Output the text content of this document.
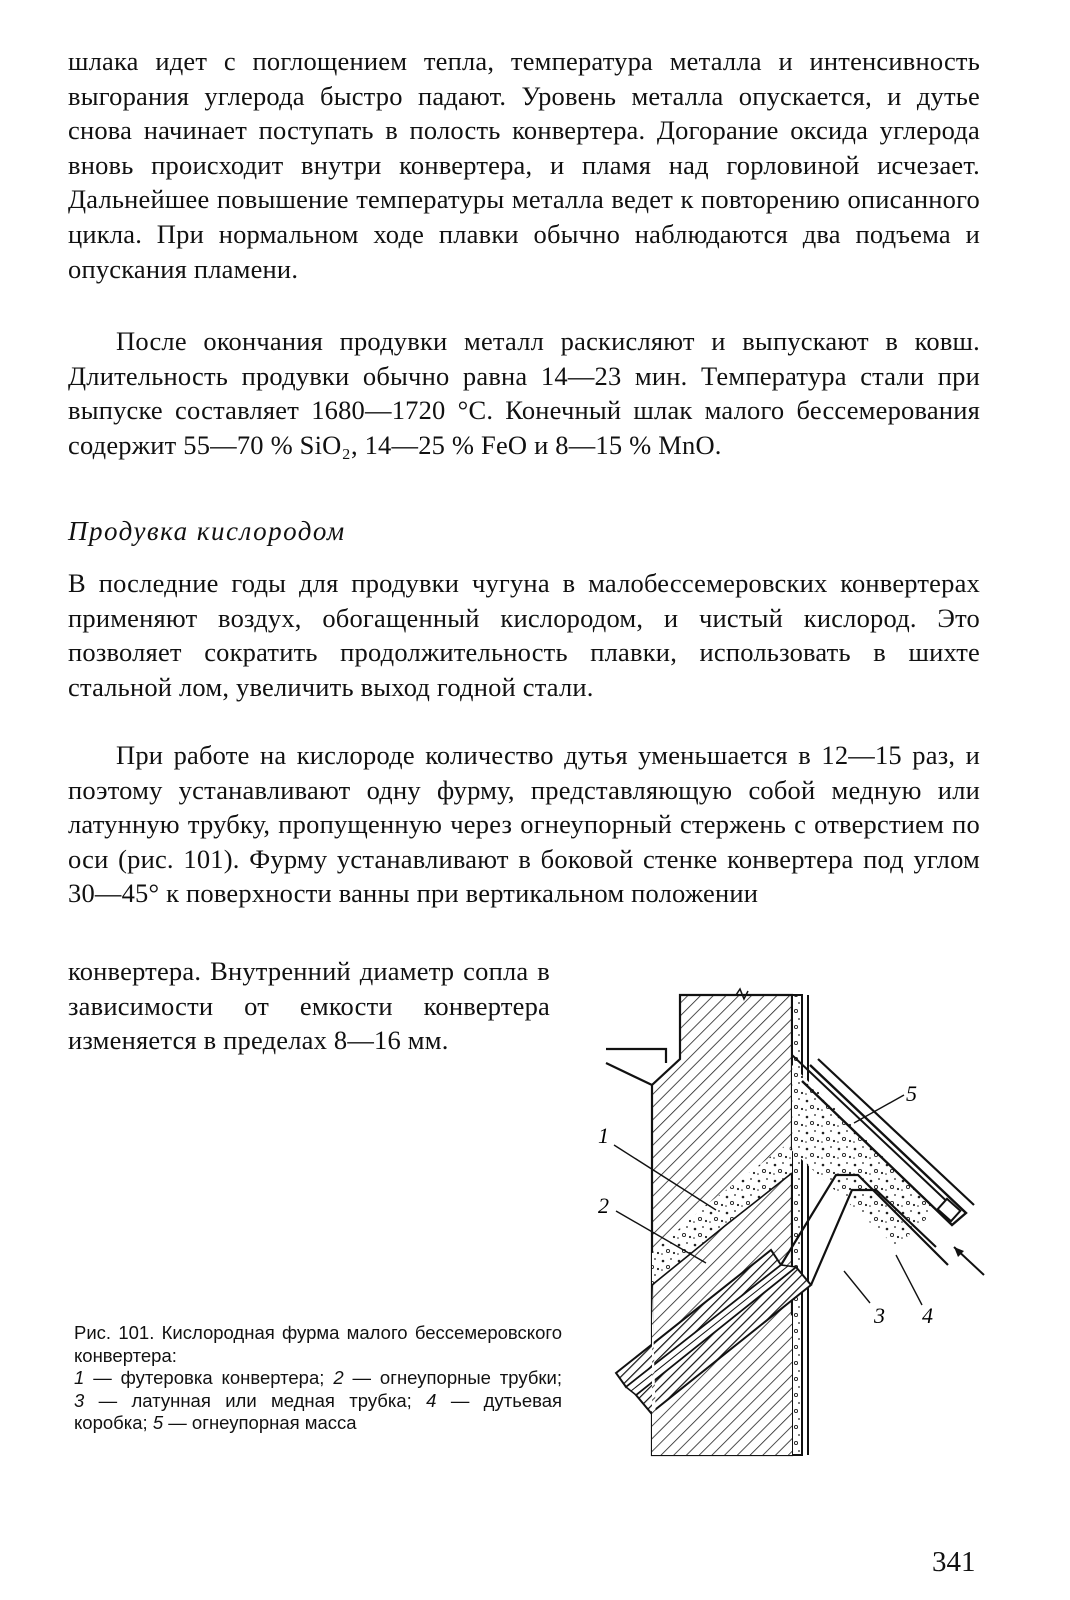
шлака идет с поглощением тепла, температура металла и интенсивность выгорания углерода быстро падают. Уровень металла опускается, и дутье снова начинает поступать в полость конвертера. Догорание оксида углерода вновь происходит внутри конвертера, и пламя над горловиной исчезает. Дальнейшее повышение температуры металла ведет к повторению описанного цикла. При нормальном ходе плавки обычно наблюдаются два подъема и опускания пламени.

После окончания продувки металл раскисляют и выпускают в ковш. Длительность продувки обычно равна 14—23 мин. Температура стали при выпуске составляет 1680—1720 °С. Конечный шлак малого бессемерования содержит 55—70 % SiO₂, 14—25 % FeO и 8—15 % MnO.

Продувка кислородом

В последние годы для продувки чугуна в малобессемеровских конвертерах применяют воздух, обогащенный кислородом, и чистый кислород. Это позволяет сократить продолжительность плавки, использовать в шихте стальной лом, увеличить выход годной стали.

При работе на кислороде количество дутья уменьшается в 12—15 раз, и поэтому устанавливают одну фурму, представляющую собой медную или латунную трубку, пропущенную через огнеупорный стержень с отверстием по оси (рис. 101). Фурму устанавливают в боковой стенке конвертера под углом 30—45° к поверхности ванны при вертикальном положении

конвертера. Внутренний диаметр сопла в зависимости от емкости конвертера изменяется в пределах 8—16 мм.

1
2
3 4
5
Рис. 101. Кислородная фурма малого бессемеровского конвертера:
1 — футеровка конвертера; 2 — огнеупорные трубки; 3 — латунная или медная трубка; 4 — дутьевая коробка; 5 — огнеупорная масса
341
